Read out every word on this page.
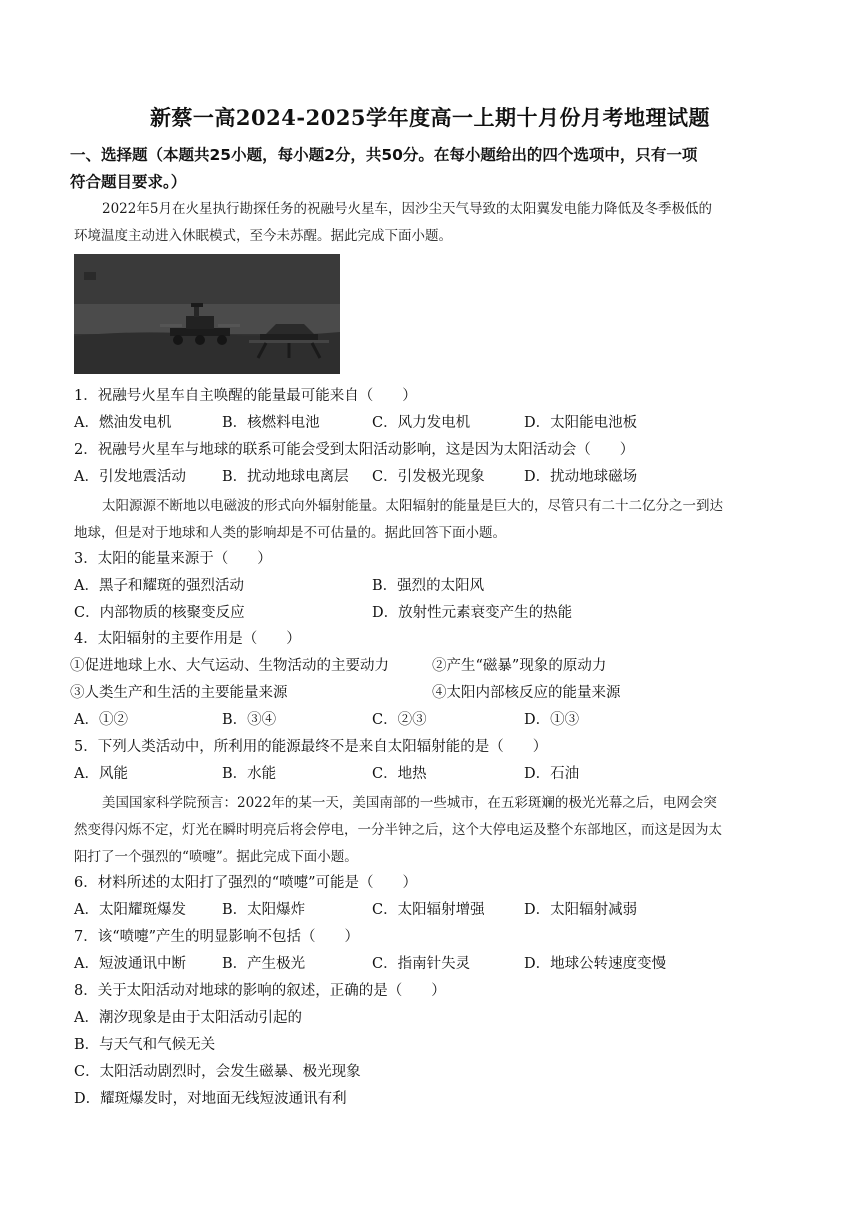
新蔡一高2024-2025学年度高一上期十月份月考地理试题
一、选择题（本题共25小题，每小题2分，共50分。在每小题给出的四个选项中，只有一项
符合题目要求。）
2022年5月在火星执行勘探任务的祝融号火星车，因沙尘天气导致的太阳翼发电能力降低及冬季极低的
环境温度主动进入休眠模式，至今未苏醒。据此完成下面小题。
1．祝融号火星车自主唤醒的能量最可能来自（　　）
A．燃油发电机	B．核燃料电池	C．风力发电机	D．太阳能电池板
2．祝融号火星车与地球的联系可能会受到太阳活动影响，这是因为太阳活动会（　　）
A．引发地震活动 B．扰动地球电离层 C．引发极光现象	D．扰动地球磁场
太阳源源不断地以电磁波的形式向外辐射能量。太阳辐射的能量是巨大的，尽管只有二十二亿分之一到达
地球，但是对于地球和人类的影响却是不可估量的。据此回答下面小题。
3．太阳的能量来源于（　　）
A．黑子和耀斑的强烈活动	B．强烈的太阳风
C．内部物质的核聚变反应	D．放射性元素衰变产生的热能
4．太阳辐射的主要作用是（　　）
①促进地球上水、大气运动、生物活动的主要动力	②产生“磁暴”现象的原动力
③人类生产和生活的主要能量来源	④太阳内部核反应的能量来源
A．①②	B．③④	C．②③	D．①③
5．下列人类活动中，所利用的能源最终不是来自太阳辐射能的是（　　）
A．风能	B．水能	C．地热	D．石油
美国国家科学院预言：2022年的某一天，美国南部的一些城市，在五彩斑斓的极光光幕之后，电网会突
然变得闪烁不定，灯光在瞬时明亮后将会停电，一分半钟之后，这个大停电运及整个东部地区，而这是因为太
阳打了一个强烈的“喷嚏”。据此完成下面小题。
6．材料所述的太阳打了强烈的“喷嚏”可能是（　　）
A．太阳耀斑爆发 B．太阳爆炸	C．太阳辐射增强	D．太阳辐射减弱
7．该“喷嚏”产生的明显影响不包括（　　）
A．短波通讯中断 B．产生极光	C．指南针失灵	D．地球公转速度变慢
8．关于太阳活动对地球的影响的叙述，正确的是（　　）
A．潮汐现象是由于太阳活动引起的
B．与天气和气候无关
C．太阳活动剧烈时，会发生磁暴、极光现象
D．耀斑爆发时，对地面无线短波通讯有利
